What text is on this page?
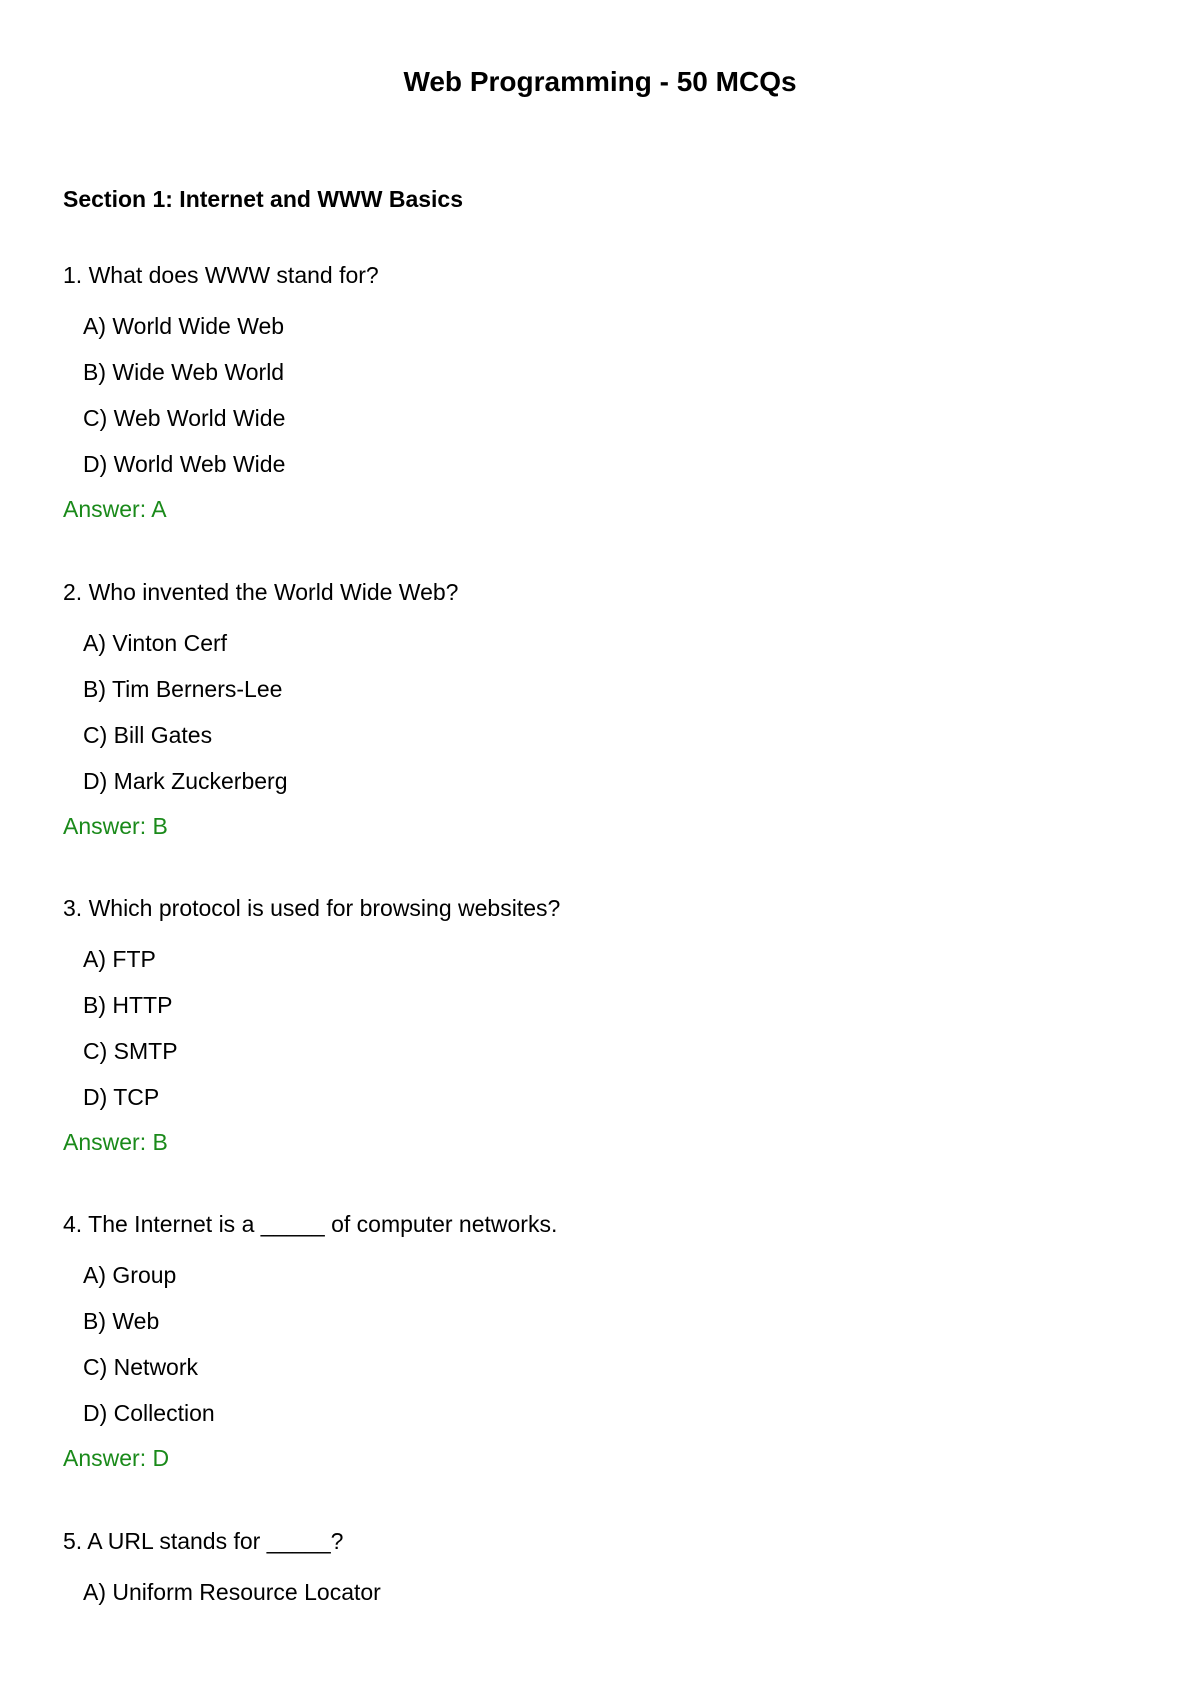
Web Programming - 50 MCQs
Section 1: Internet and WWW Basics

1. What does WWW stand for?

A) World Wide Web
B) Wide Web World
C) Web World Wide
D) World Web Wide

Answer: A

2. Who invented the World Wide Web?

A) Vinton Cerf
B) Tim Berners-Lee
C) Bill Gates
D) Mark Zuckerberg

Answer: B

3. Which protocol is used for browsing websites?

A) FTP
B) HTTP
C) SMTP
D) TCP

Answer: B

4. The Internet is a _____ of computer networks.

A) Group
B) Web
C) Network
D) Collection

Answer: D

5. A URL stands for _____?

A) Uniform Resource Locator
